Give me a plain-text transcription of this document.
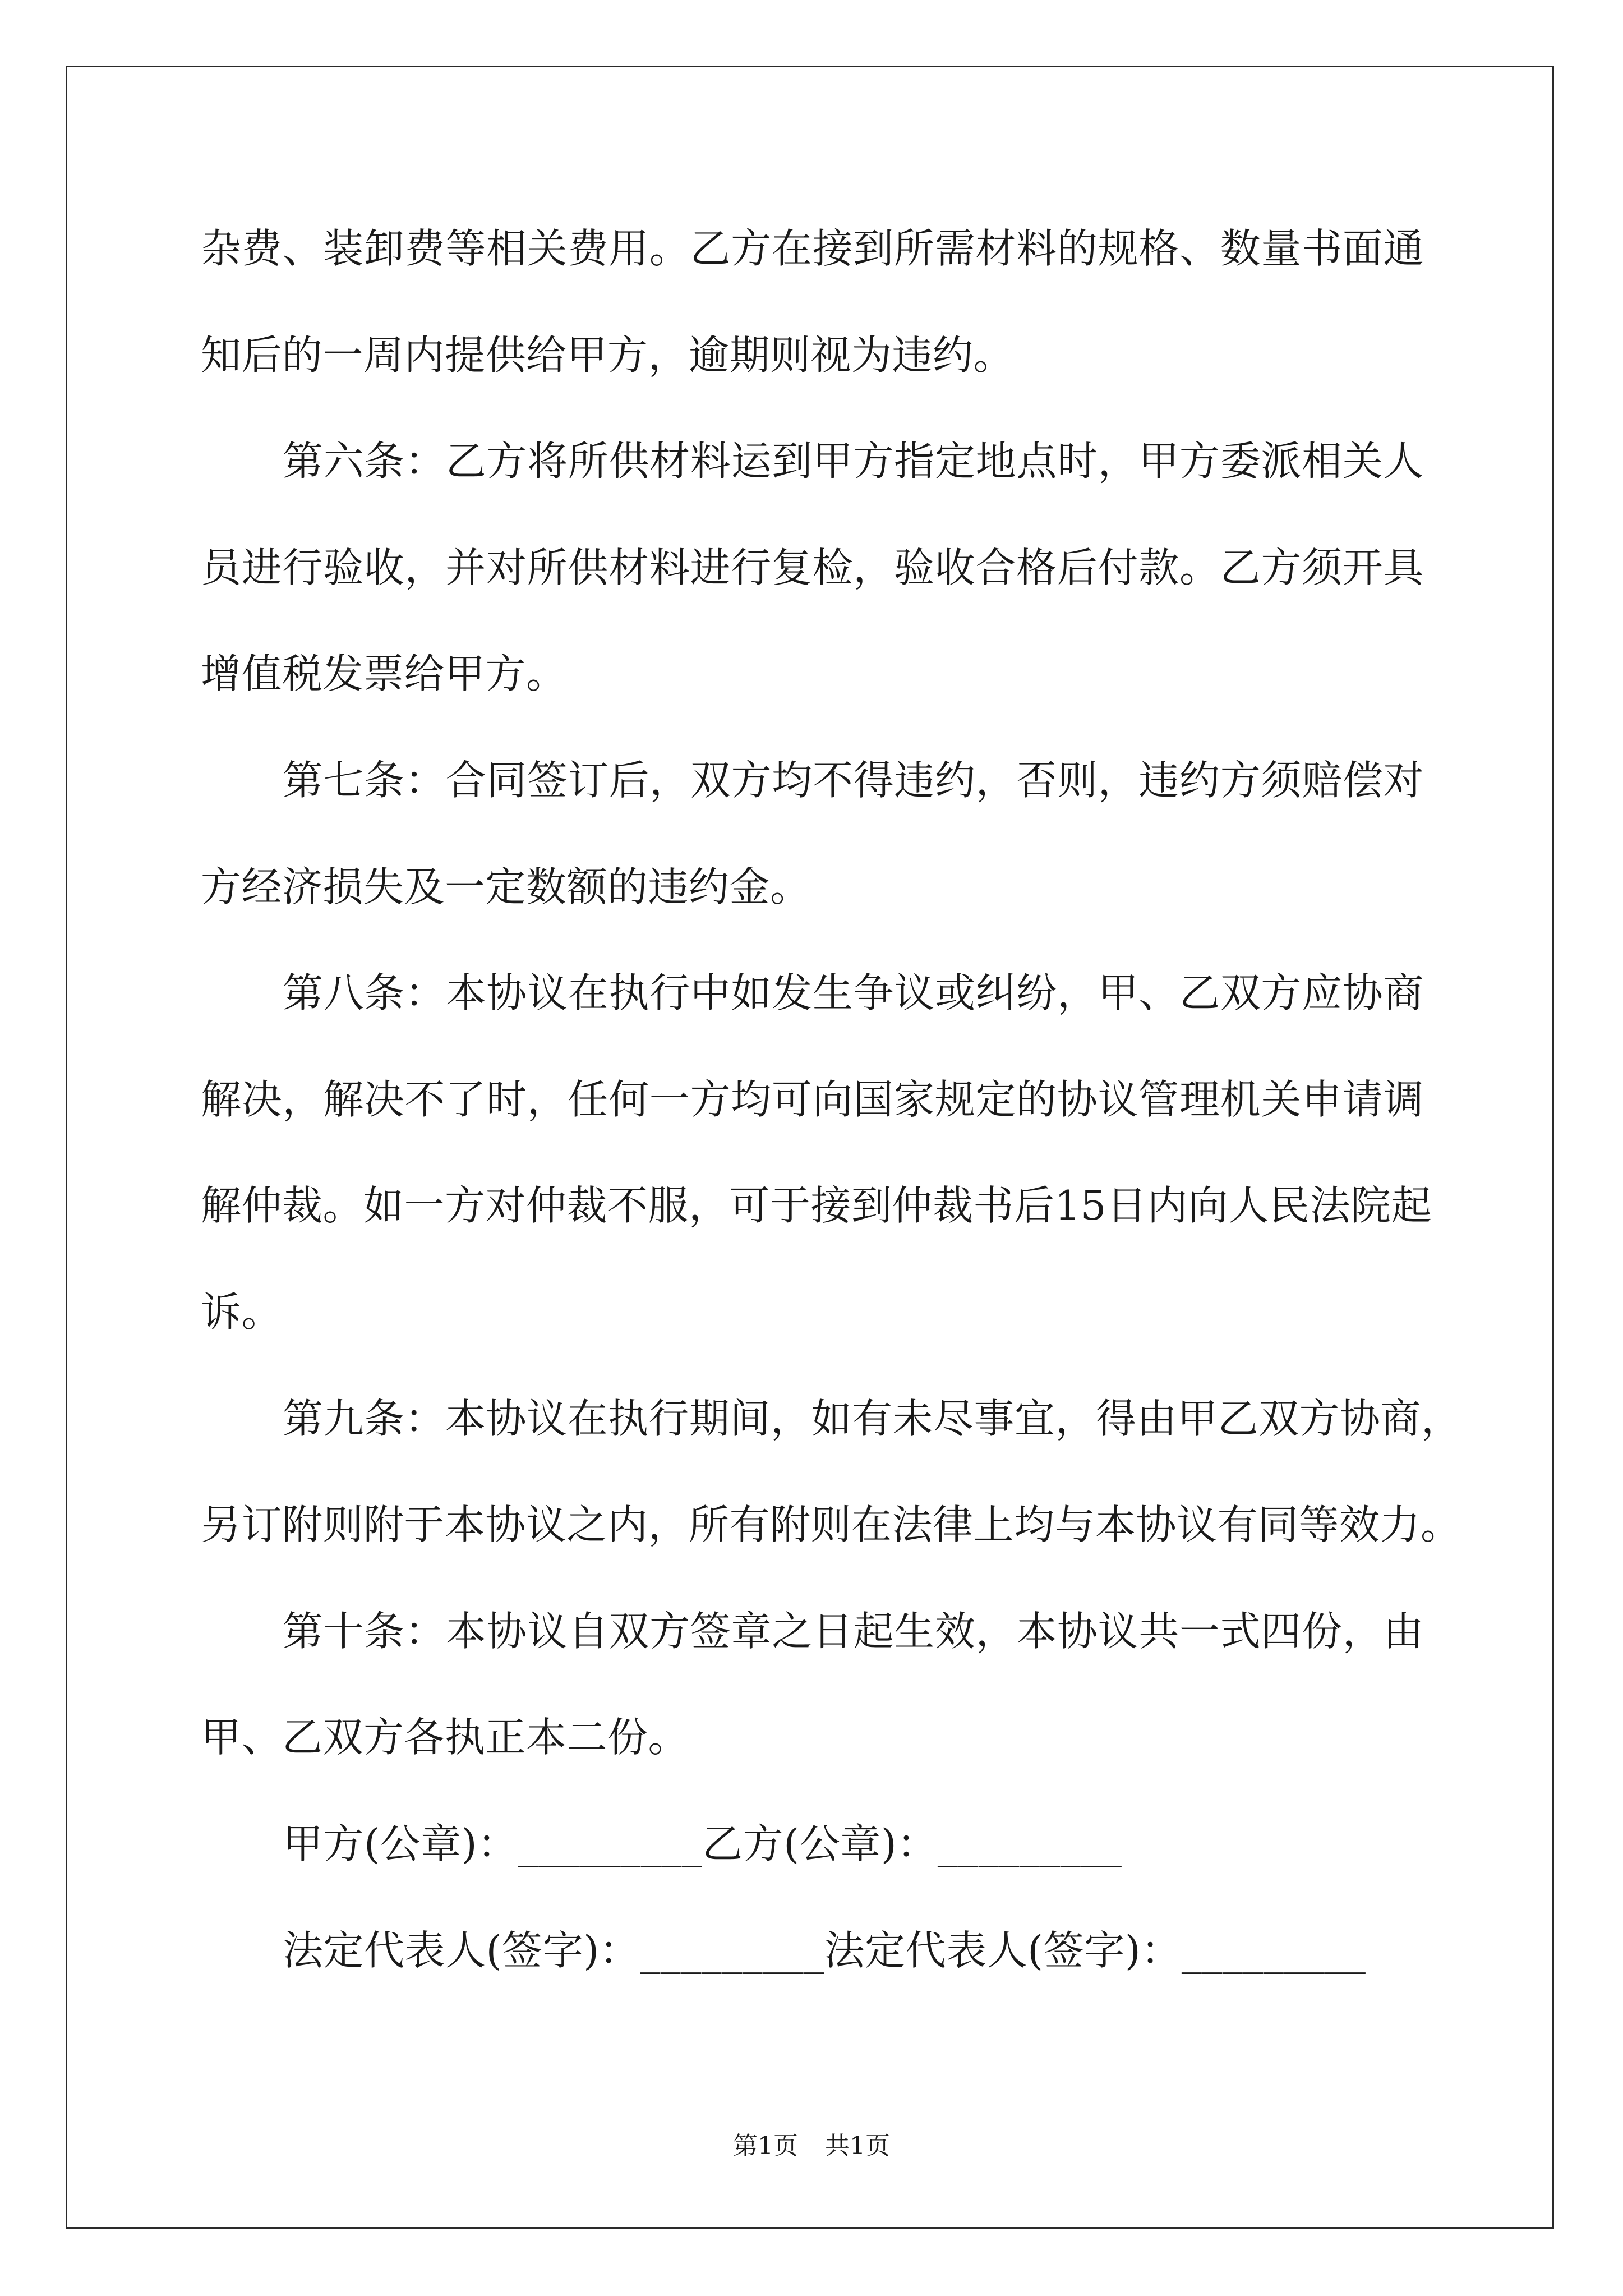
杂费、装卸费等相关费用。乙方在接到所需材料的规格、数量书面通
知后的一周内提供给甲方，逾期则视为违约。
第六条：乙方将所供材料运到甲方指定地点时，甲方委派相关人
员进行验收，并对所供材料进行复检，验收合格后付款。乙方须开具
增值税发票给甲方。
第七条：合同签订后，双方均不得违约，否则，违约方须赔偿对
方经济损失及一定数额的违约金。
第八条：本协议在执行中如发生争议或纠纷，甲、乙双方应协商
解决，解决不了时，任何一方均可向国家规定的协议管理机关申请调
解仲裁。如一方对仲裁不服，可于接到仲裁书后15日内向人民法院起
诉。
第九条：本协议在执行期间，如有未尽事宜，得由甲乙双方协商，
另订附则附于本协议之内，所有附则在法律上均与本协议有同等效力。
第十条：本协议自双方签章之日起生效，本协议共一式四份，由
甲、乙双方各执正本二份。
甲方(公章)：_________乙方(公章)：_________
法定代表人(签字)：_________法定代表人(签字)：_________
第1页 共1页
